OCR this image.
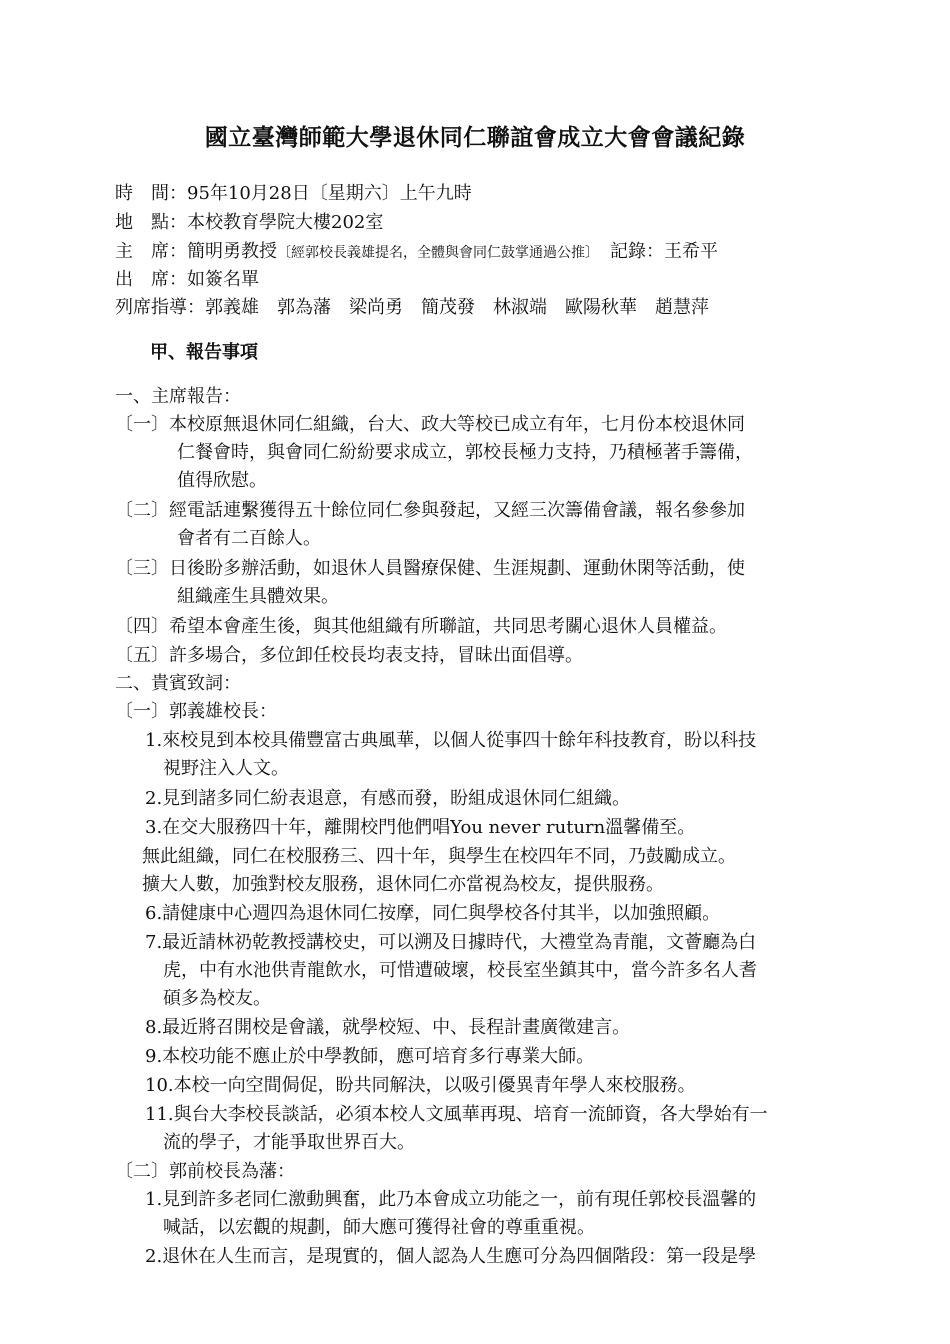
國立臺灣師範大學退休同仁聯誼會成立大會會議紀錄
時　間：95年10月28日〔星期六〕上午九時
地　點：本校教育學院大樓202室
主　席：簡明勇教授〔經郭校長義雄提名，全體與會同仁鼓掌通過公推〕　 記錄：王希平
出　席：如簽名單
列席指導：郭義雄　郭為藩　梁尚勇　簡茂發　林淑端　歐陽秋華　趙慧萍
甲、報告事項
一、主席報告：
〔一〕本校原無退休同仁組織，台大、政大等校已成立有年，七月份本校退休同
仁餐會時，與會同仁紛紛要求成立，郭校長極力支持，乃積極著手籌備，
值得欣慰。
〔二〕經電話連繫獲得五十餘位同仁參與發起，又經三次籌備會議，報名參參加
會者有二百餘人。
〔三〕日後盼多辦活動，如退休人員醫療保健、生涯規劃、運動休閑等活動，使
組織產生具體效果。
〔四〕希望本會產生後，與其他組織有所聯誼，共同思考關心退休人員權益。
〔五〕許多場合，多位卸任校長均表支持，冒昧出面倡導。
二、貴賓致詞：
〔一〕郭義雄校長：
1.來校見到本校具備豐富古典風華，以個人從事四十餘年科技教育，盼以科技
視野注入人文。
2.見到諸多同仁紛表退意，有感而發，盼組成退休同仁組織。
3.在交大服務四十年，離開校門他們唱You never ruturn溫馨備至。
無此組織，同仁在校服務三、四十年，與學生在校四年不同，乃鼓勵成立。
擴大人數，加強對校友服務，退休同仁亦當視為校友，提供服務。
6.請健康中心週四為退休同仁按摩，同仁與學校各付其半，以加強照顧。
7.最近請林礽乾教授講校史，可以溯及日據時代，大禮堂為青龍，文薈廳為白
虎，中有水池供青龍飲水，可惜遭破壞，校長室坐鎮其中，當今許多名人耆
碩多為校友。
8.最近將召開校是會議，就學校短、中、長程計畫廣徵建言。
9.本校功能不應止於中學教師，應可培育多行專業大師。
10.本校一向空間侷促，盼共同解決，以吸引優異青年學人來校服務。
11.與台大李校長談話，必須本校人文風華再現、培育一流師資，各大學始有一
流的學子，才能爭取世界百大。
〔二〕郭前校長為藩：
1.見到許多老同仁激動興奮，此乃本會成立功能之一，前有現任郭校長溫馨的
喊話，以宏觀的規劃，師大應可獲得社會的尊重重視。
2.退休在人生而言，是現實的，個人認為人生應可分為四個階段：第一段是學
